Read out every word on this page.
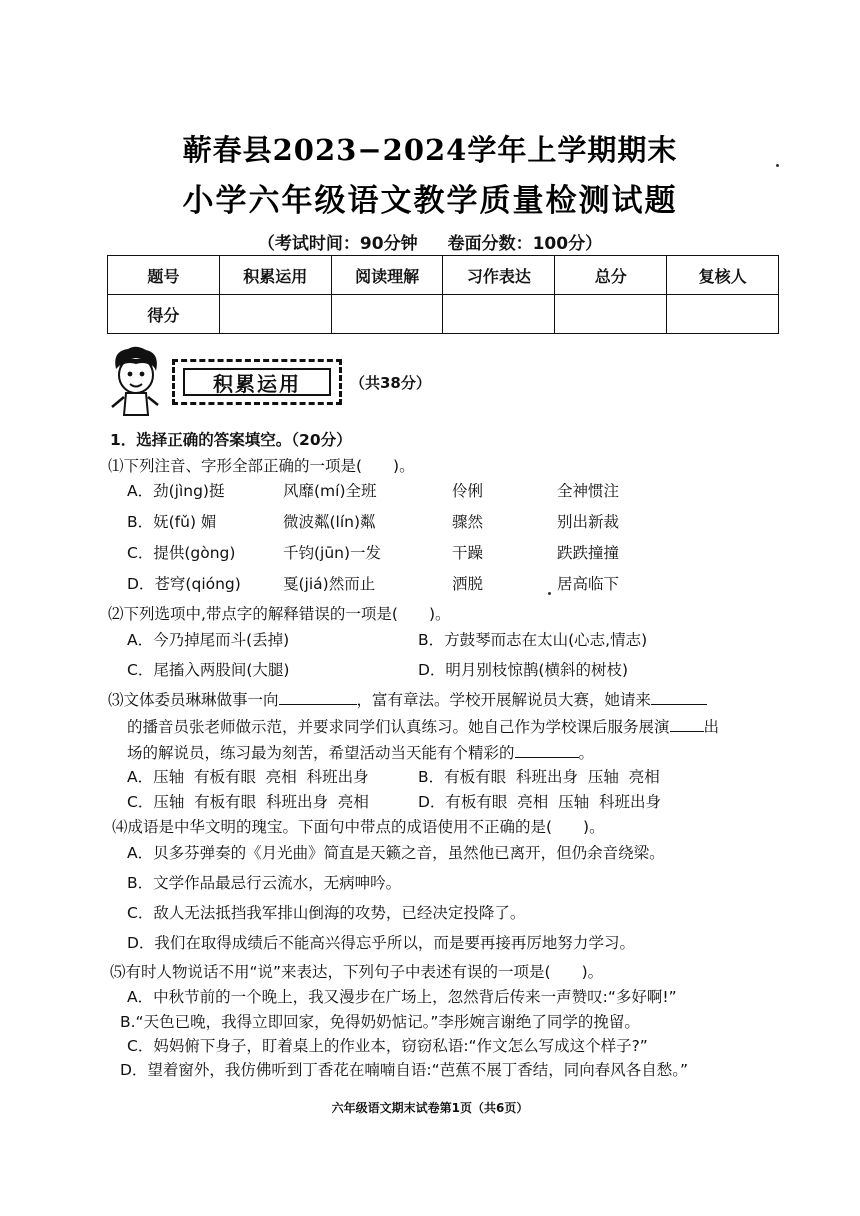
蕲春县2023−2024学年上学期期末
小学六年级语文教学质量检测试题
（考试时间：90分钟 卷面分数：100分）
题号	积累运用	阅读理解	习作表达	总分	复核人
得分					
积累运用	（共38分）
1．选择正确的答案填空。（20分）
⑴下列注音、字形全部正确的一项是(　　)。
A．劲(jìng)挺	风靡(mí)全班	伶俐	全神惯注
B．妩(fǔ) 媚	微波粼(lín)粼	骤然	别出新裁
C．提供(gòng)	千钧(jūn)一发	干躁	跌跌撞撞
D．苍穹(qióng)	戛(jiá)然而止	洒脱	居高临下
⑵下列选项中,带点字的解释错误的一项是(　　)。
A．今乃掉尾而斗(丢掉)	B．方鼓琴而志在太山(心志,情志)
C．尾搐入两股间(大腿)	D．明月别枝惊鹊(横斜的树枝)
⑶文体委员琳琳做事一向	，富有章法。学校开展解说员大赛，她请来
的播音员张老师做示范，并要求同学们认真练习。她自己作为学校课后服务展演 出
场的解说员，练习最为刻苦，希望活动当天能有个精彩的	。
A．压轴  有板有眼  亮相  科班出身	B．有板有眼  科班出身  压轴  亮相
C．压轴  有板有眼  科班出身  亮相	D．有板有眼  亮相  压轴  科班出身
⑷成语是中华文明的瑰宝。下面句中带点的成语使用不正确的是(　　)。
A．贝多芬弹奏的《月光曲》简直是天籁之音，虽然他已离开，但仍余音绕梁。
B．文学作品最忌行云流水，无病呻吟。
C．敌人无法抵挡我军排山倒海的攻势，已经决定投降了。
D．我们在取得成绩后不能高兴得忘乎所以，而是要再接再厉地努力学习。
⑸有时人物说话不用“说”来表达，下列句子中表述有误的一项是(　　)。
A．中秋节前的一个晚上，我又漫步在广场上，忽然背后传来一声赞叹:“多好啊!”
B.“天色已晚，我得立即回家，免得奶奶惦记。”李彤婉言谢绝了同学的挽留。
C．妈妈俯下身子，盯着桌上的作业本，窃窃私语:“作文怎么写成这个样子?”
D．望着窗外，我仿佛听到丁香花在喃喃自语:“芭蕉不展丁香结，同向春风各自愁。”
六年级语文期末试卷第1页（共6页）
